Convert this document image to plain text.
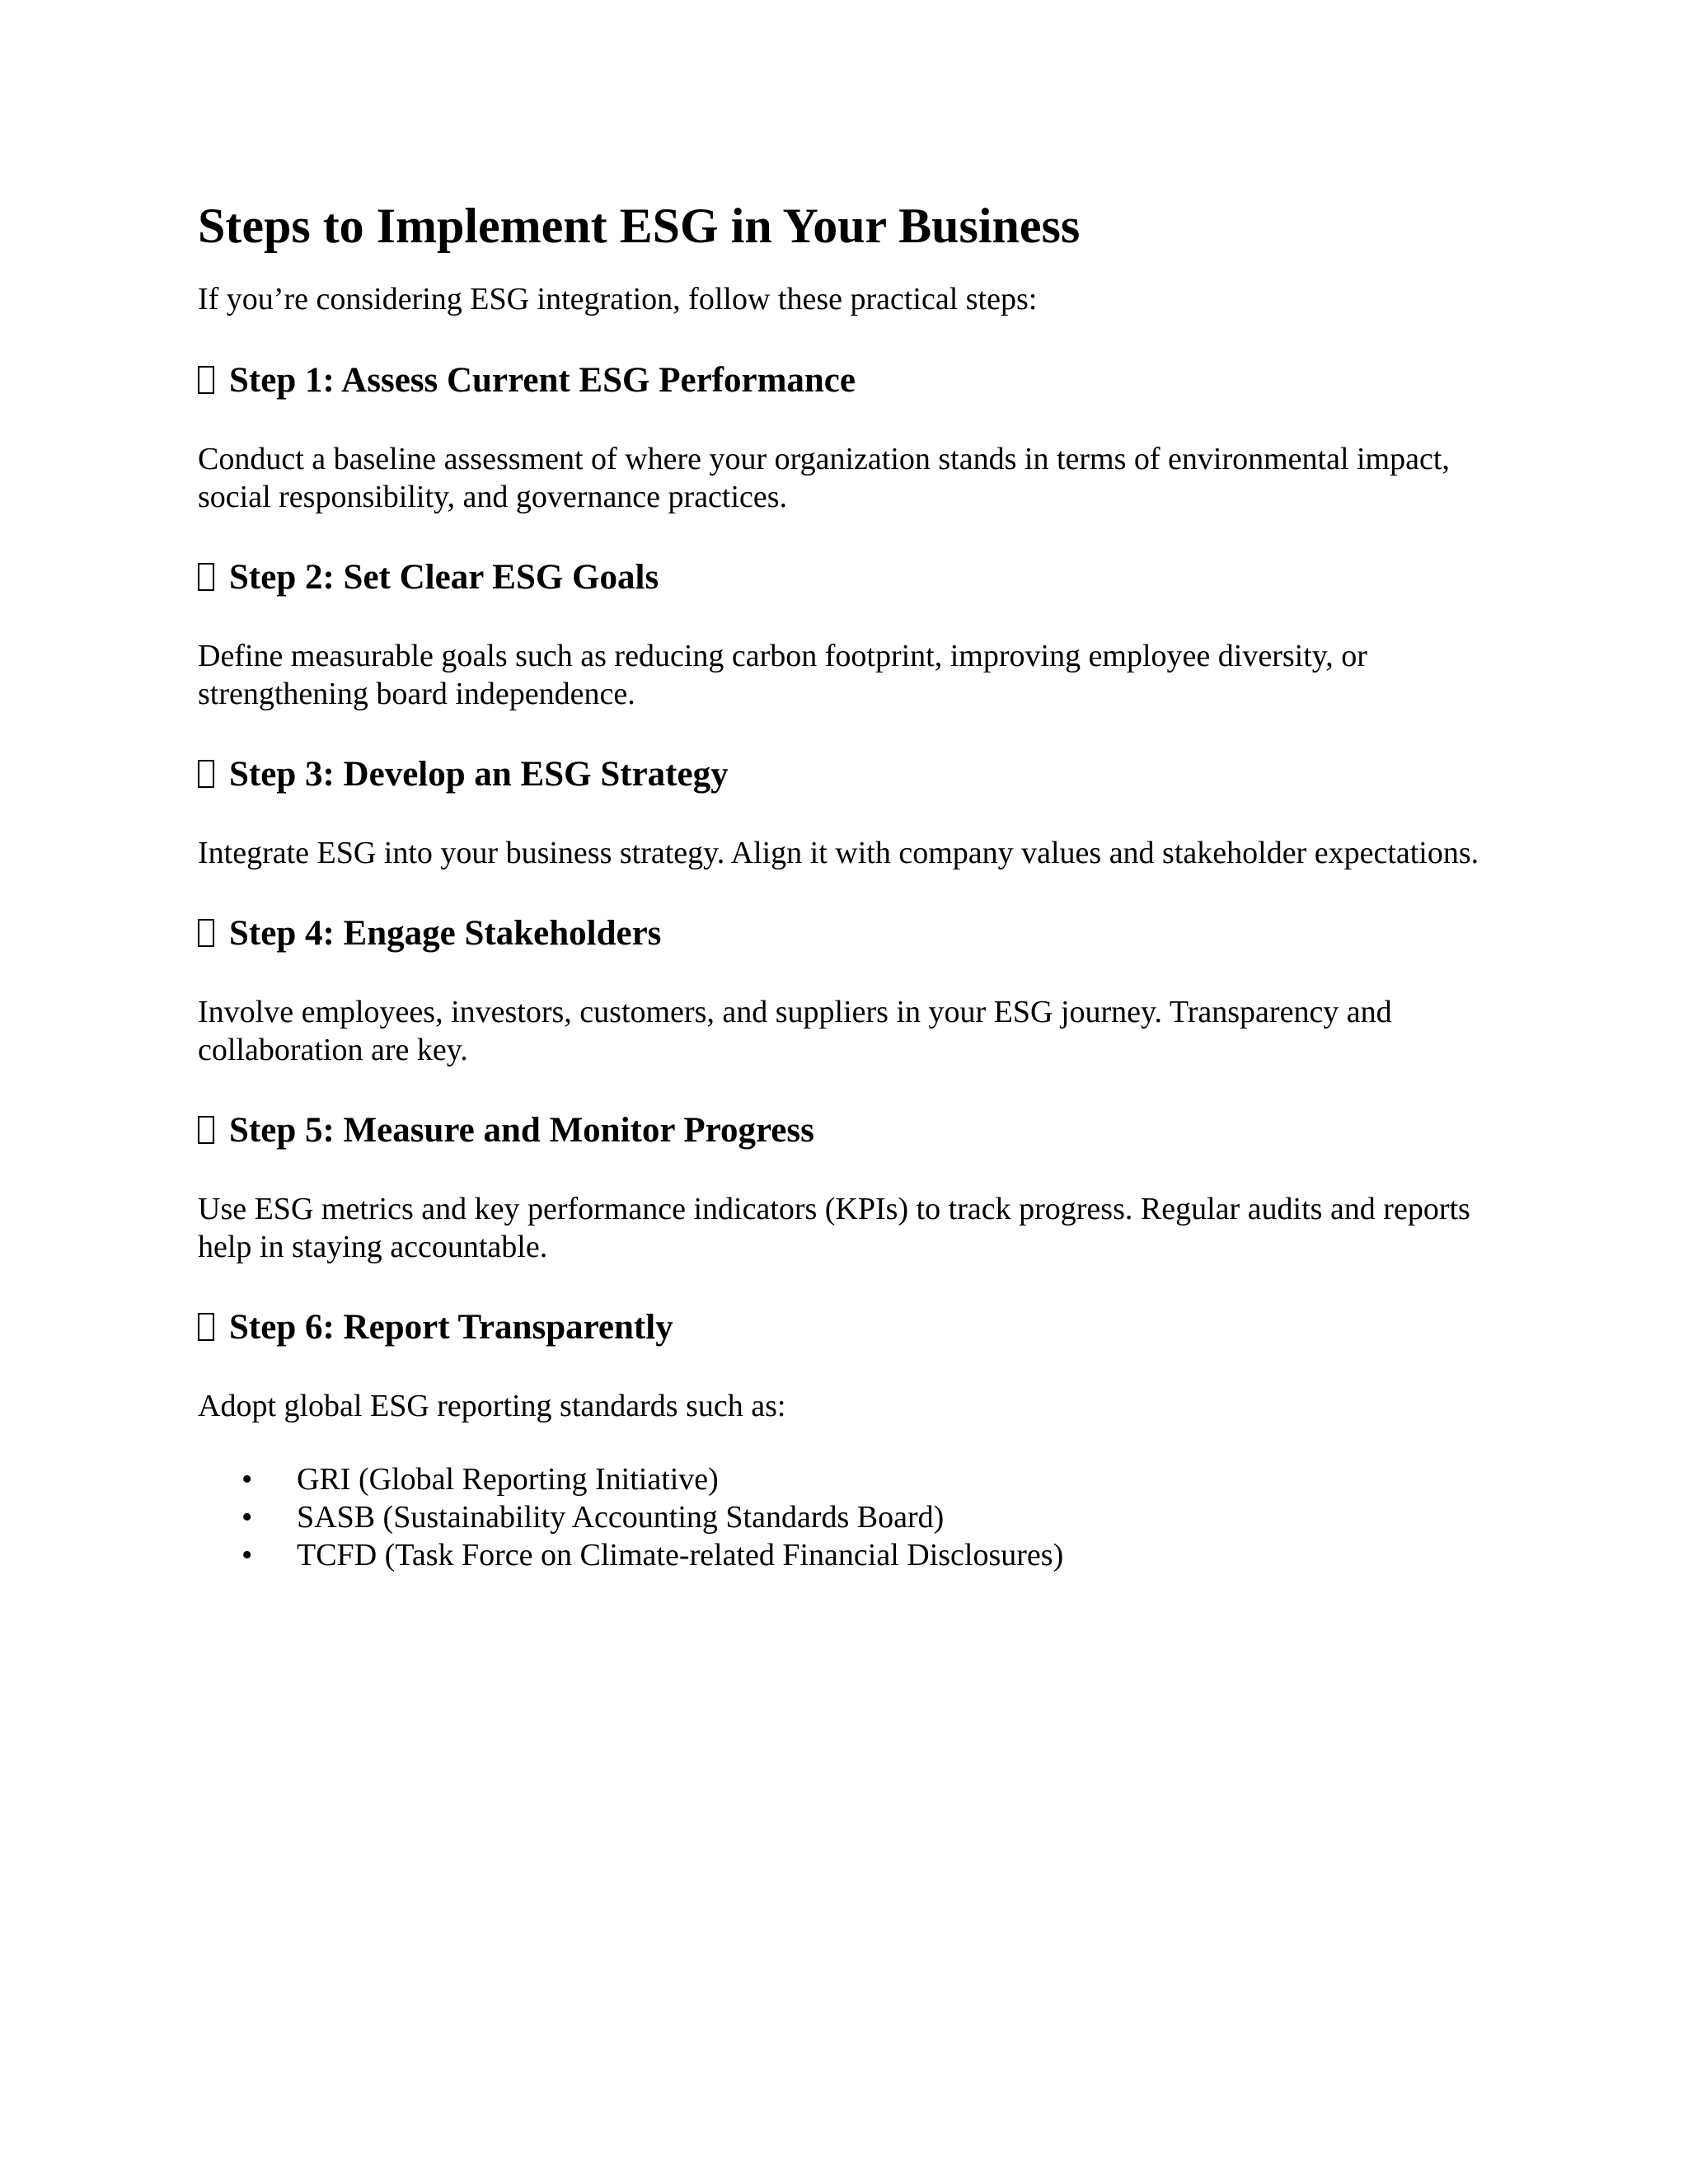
Steps to Implement ESG in Your Business

If you’re considering ESG integration, follow these practical steps:

Step 1: Assess Current ESG Performance

Conduct a baseline assessment of where your organization stands in terms of environmental impact, social responsibility, and governance practices.

Step 2: Set Clear ESG Goals

Define measurable goals such as reducing carbon footprint, improving employee diversity, or strengthening board independence.

Step 3: Develop an ESG Strategy

Integrate ESG into your business strategy. Align it with company values and stakeholder expectations.

Step 4: Engage Stakeholders

Involve employees, investors, customers, and suppliers in your ESG journey. Transparency and collaboration are key.

Step 5: Measure and Monitor Progress

Use ESG metrics and key performance indicators (KPIs) to track progress. Regular audits and reports help in staying accountable.

Step 6: Report Transparently

Adopt global ESG reporting standards such as:

• GRI (Global Reporting Initiative)
• SASB (Sustainability Accounting Standards Board)
• TCFD (Task Force on Climate-related Financial Disclosures)
